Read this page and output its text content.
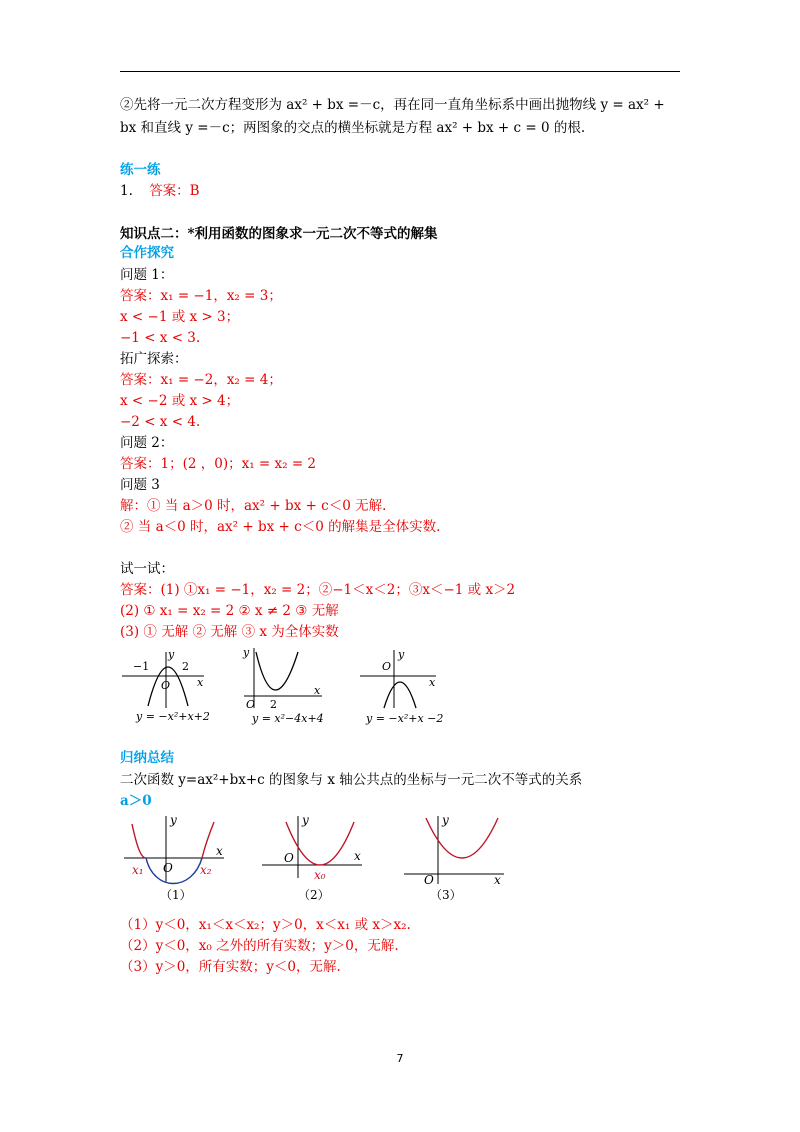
②先将一元二次方程变形为 ax² + bx =－c，再在同一直角坐标系中画出抛物线 y = ax² +
bx 和直线 y =－c；两图象的交点的横坐标就是方程 ax² + bx + c = 0 的根.
练一练
1. 答案：B
知识点二：*利用函数的图象求一元二次不等式的解集
合作探究
问题 1：
答案：x₁ = −1，x₂ = 3；
x < −1 或 x > 3；
−1 < x < 3.
拓广探索：
答案：x₁ = −2，x₂ = 4；
x < −2 或 x > 4；
−2 < x < 4.
问题 2：
答案：1；(2 ，0)；x₁ = x₂ = 2
问题 3
解：① 当 a＞0 时，ax² + bx + c＜0 无解.
② 当 a＜0 时，ax² + bx + c＜0 的解集是全体实数.
试一试：
答案：(1) ①x₁ = −1，x₂ = 2；②−1＜x＜2；③x＜−1 或 x＞2
(2) ① x₁ = x₂ = 2 ② x ≠ 2 ③ 无解
(3) ① 无解 ② 无解 ③ x 为全体实数
−1	2
O
y
x
y = −x²+x+2
O 2
y
x
y = x²−4x+4
O
y
x
y = −x²+x −2
归纳总结
二次函数 y=ax²+bx+c 的图象与 x 轴公共点的坐标与一元二次不等式的关系
a＞0
y
x
O
x₁	x₂
（1）
y
x
O
x₀
（2）
y
x
O
（3）
（1）y＜0，x₁＜x＜x₂；y＞0，x＜x₁ 或 x＞x₂.
（2）y＜0，x₀ 之外的所有实数；y＞0，无解.
（3）y＞0，所有实数；y＜0，无解.
7
